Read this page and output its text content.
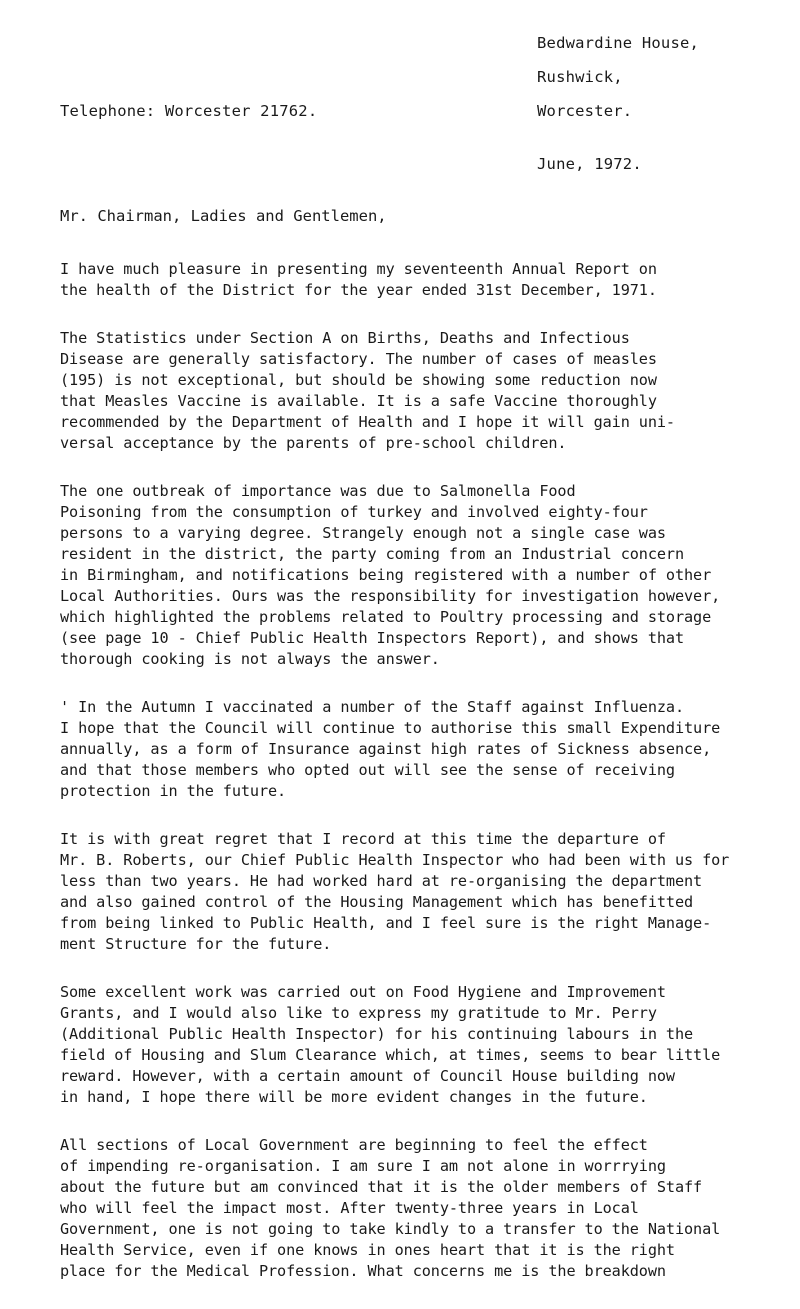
Bedwardine House,
Rushwick,
Telephone: Worcester 21762.	Worcester.
June, 1972.
Mr. Chairman, Ladies and Gentlemen,
I have much pleasure in presenting my seventeenth Annual Report on
the health of the District for the year ended 31st December, 1971.
The Statistics under Section A on Births, Deaths and Infectious
Disease are generally satisfactory. The number of cases of measles
(195) is not exceptional, but should be showing some reduction now
that Measles Vaccine is available. It is a safe Vaccine thoroughly
recommended by the Department of Health and I hope it will gain uni-
versal acceptance by the parents of pre-school children.
The one outbreak of importance was due to Salmonella Food
Poisoning from the consumption of turkey and involved eighty-four
persons to a varying degree. Strangely enough not a single case was
resident in the district, the party coming from an Industrial concern
in Birmingham, and notifications being registered with a number of other
Local Authorities. Ours was the responsibility for investigation however,
which highlighted the problems related to Poultry processing and storage
(see page 10 - Chief Public Health Inspectors Report), and shows that
thorough cooking is not always the answer.
' In the Autumn I vaccinated a number of the Staff against Influenza.
I hope that the Council will continue to authorise this small Expenditure
annually, as a form of Insurance against high rates of Sickness absence,
and that those members who opted out will see the sense of receiving
protection in the future.
It is with great regret that I record at this time the departure of
Mr. B. Roberts, our Chief Public Health Inspector who had been with us for
less than two years. He had worked hard at re-organising the department
and also gained control of the Housing Management which has benefitted
from being linked to Public Health, and I feel sure is the right Manage-
ment Structure for the future.
Some excellent work was carried out on Food Hygiene and Improvement
Grants, and I would also like to express my gratitude to Mr. Perry
(Additional Public Health Inspector) for his continuing labours in the
field of Housing and Slum Clearance which, at times, seems to bear little
reward. However, with a certain amount of Council House building now
in hand, I hope there will be more evident changes in the future.
All sections of Local Government are beginning to feel the effect
of impending re-organisation. I am sure I am not alone in worrrying
about the future but am convinced that it is the older members of Staff
who will feel the impact most. After twenty-three years in Local
Government, one is not going to take kindly to a transfer to the National
Health Service, even if one knows in ones heart that it is the right
place for the Medical Profession. What concerns me is the breakdown
